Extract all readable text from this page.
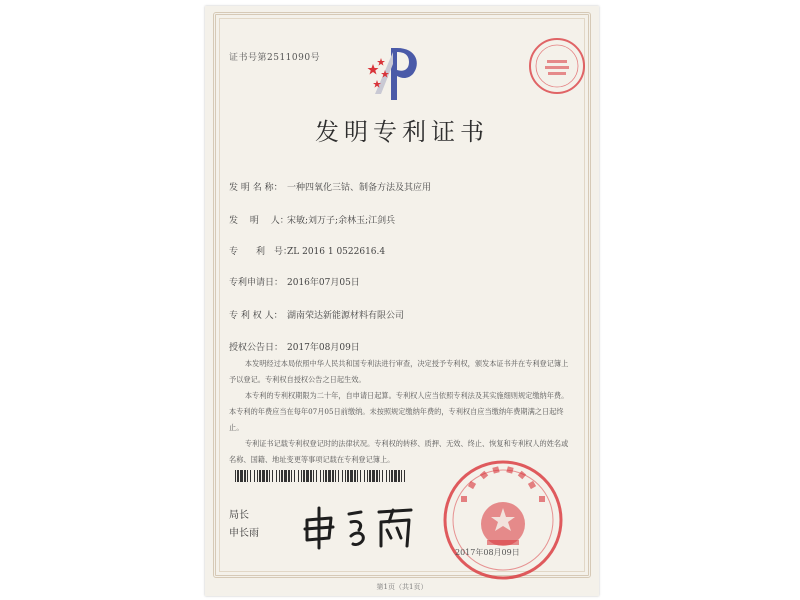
证书号第2511090号
发明专利证书
发 明 名 称： 一种四氧化三钴、制备方法及其应用
发　 明　 人：宋敏;刘万子;余林玉;江剑兵
专　　利　号：ZL 2016 1 0522616.4
专利申请日： 2016年07月05日
专 利 权 人： 湖南荣达新能源材料有限公司
授权公告日： 2017年08月09日

本发明经过本局依照中华人民共和国专利法进行审查，决定授予专利权，颁发本证书并在专利登记簿上予以登记。专利权自授权公告之日起生效。

本专利的专利权期限为二十年，自申请日起算。专利权人应当依照专利法及其实施细则规定缴纳年费。本专利的年费应当在每年07月05日前缴纳。未按照规定缴纳年费的，专利权自应当缴纳年费期满之日起终止。

专利证书记载专利权登记时的法律状况。专利权的转移、质押、无效、终止、恢复和专利权人的姓名或名称、国籍、地址变更等事项记载在专利登记簿上。

局长
申长雨
2017年08月09日
第1页（共1页）
